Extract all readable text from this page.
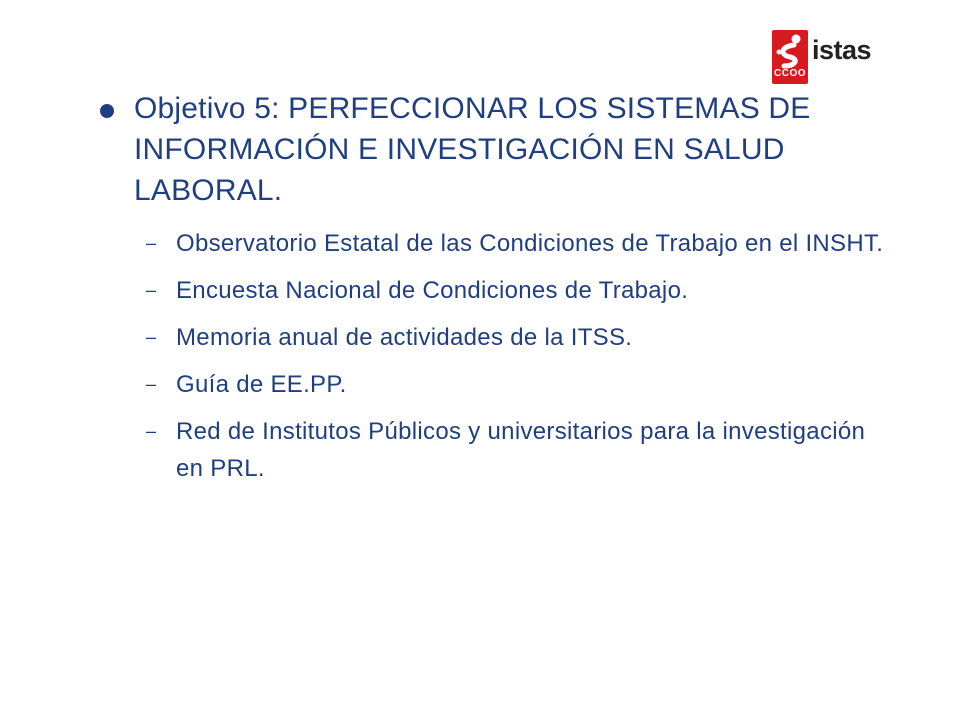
CCOO
istas
Objetivo 5: PERFECCIONAR LOS SISTEMAS DE INFORMACIÓN E INVESTIGACIÓN EN SALUD LABORAL.
– Observatorio Estatal de las Condiciones de Trabajo en el INSHT.
– Encuesta Nacional de Condiciones de Trabajo.
– Memoria anual de actividades de la ITSS.
– Guía de EE.PP.
– Red de Institutos Públicos y universitarios para la investigación en PRL.
